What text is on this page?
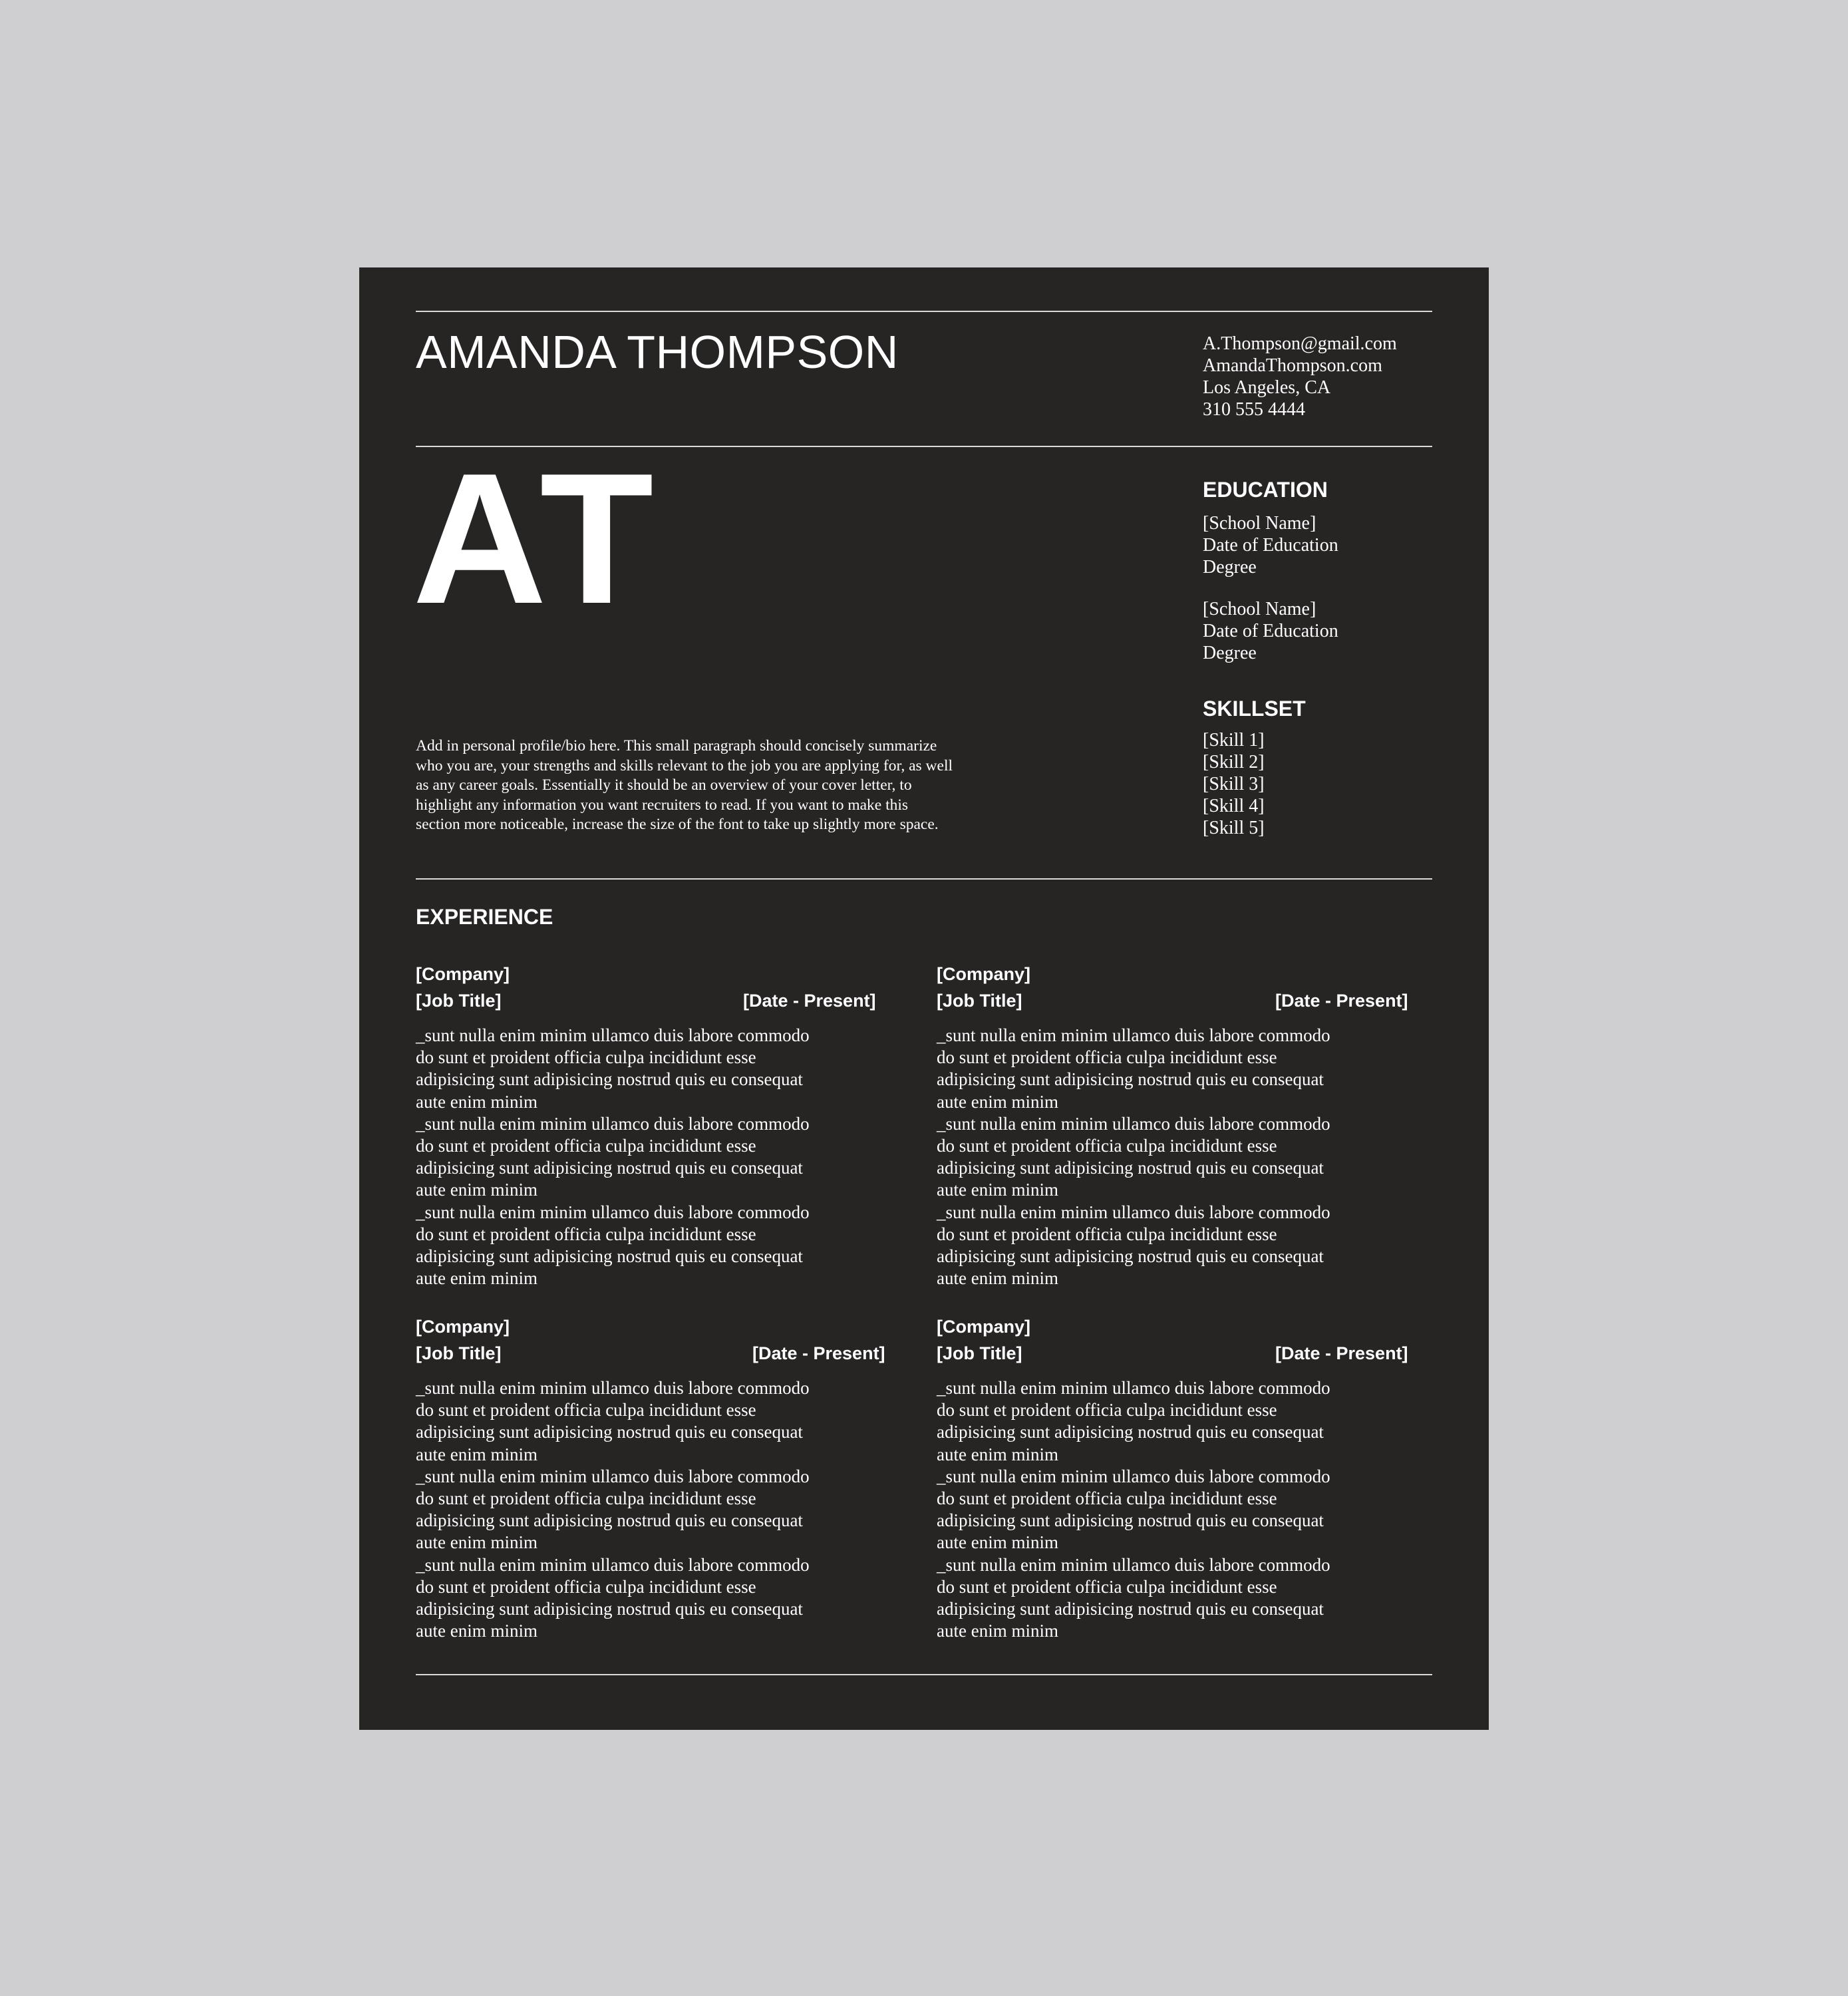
AMANDA THOMPSON	A.Thompson@gmail.com
AmandaThompson.com
Los Angeles, CA
310 555 4444
AT
Add in personal profile/bio here. This small paragraph should concisely summarize
who you are, your strengths and skills relevant to the job you are applying for, as well
as any career goals. Essentially it should be an overview of your cover letter, to
highlight any information you want recruiters to read. If you want to make this
section more noticeable, increase the size of the font to take up slightly more space.
EDUCATION
[School Name]
Date of Education
Degree
[School Name]
Date of Education
Degree
SKILLSET
[Skill 1]
[Skill 2]
[Skill 3]
[Skill 4]
[Skill 5]
EXPERIENCE
[Company]
[Job Title]	[Date - Present]
_sunt nulla enim minim ullamco duis labore commodo
do sunt et proident officia culpa incididunt esse
adipisicing sunt adipisicing nostrud quis eu consequat
aute enim minim
_sunt nulla enim minim ullamco duis labore commodo
do sunt et proident officia culpa incididunt esse
adipisicing sunt adipisicing nostrud quis eu consequat
aute enim minim
_sunt nulla enim minim ullamco duis labore commodo
do sunt et proident officia culpa incididunt esse
adipisicing sunt adipisicing nostrud quis eu consequat
aute enim minim
[Company]
[Job Title]	[Date - Present]
_sunt nulla enim minim ullamco duis labore commodo
do sunt et proident officia culpa incididunt esse
adipisicing sunt adipisicing nostrud quis eu consequat
aute enim minim
_sunt nulla enim minim ullamco duis labore commodo
do sunt et proident officia culpa incididunt esse
adipisicing sunt adipisicing nostrud quis eu consequat
aute enim minim
_sunt nulla enim minim ullamco duis labore commodo
do sunt et proident officia culpa incididunt esse
adipisicing sunt adipisicing nostrud quis eu consequat
aute enim minim
[Company]
[Job Title]	[Date - Present]
_sunt nulla enim minim ullamco duis labore commodo
do sunt et proident officia culpa incididunt esse
adipisicing sunt adipisicing nostrud quis eu consequat
aute enim minim
_sunt nulla enim minim ullamco duis labore commodo
do sunt et proident officia culpa incididunt esse
adipisicing sunt adipisicing nostrud quis eu consequat
aute enim minim
_sunt nulla enim minim ullamco duis labore commodo
do sunt et proident officia culpa incididunt esse
adipisicing sunt adipisicing nostrud quis eu consequat
aute enim minim
[Company]
[Job Title]	[Date - Present]
_sunt nulla enim minim ullamco duis labore commodo
do sunt et proident officia culpa incididunt esse
adipisicing sunt adipisicing nostrud quis eu consequat
aute enim minim
_sunt nulla enim minim ullamco duis labore commodo
do sunt et proident officia culpa incididunt esse
adipisicing sunt adipisicing nostrud quis eu consequat
aute enim minim
_sunt nulla enim minim ullamco duis labore commodo
do sunt et proident officia culpa incididunt esse
adipisicing sunt adipisicing nostrud quis eu consequat
aute enim minim
